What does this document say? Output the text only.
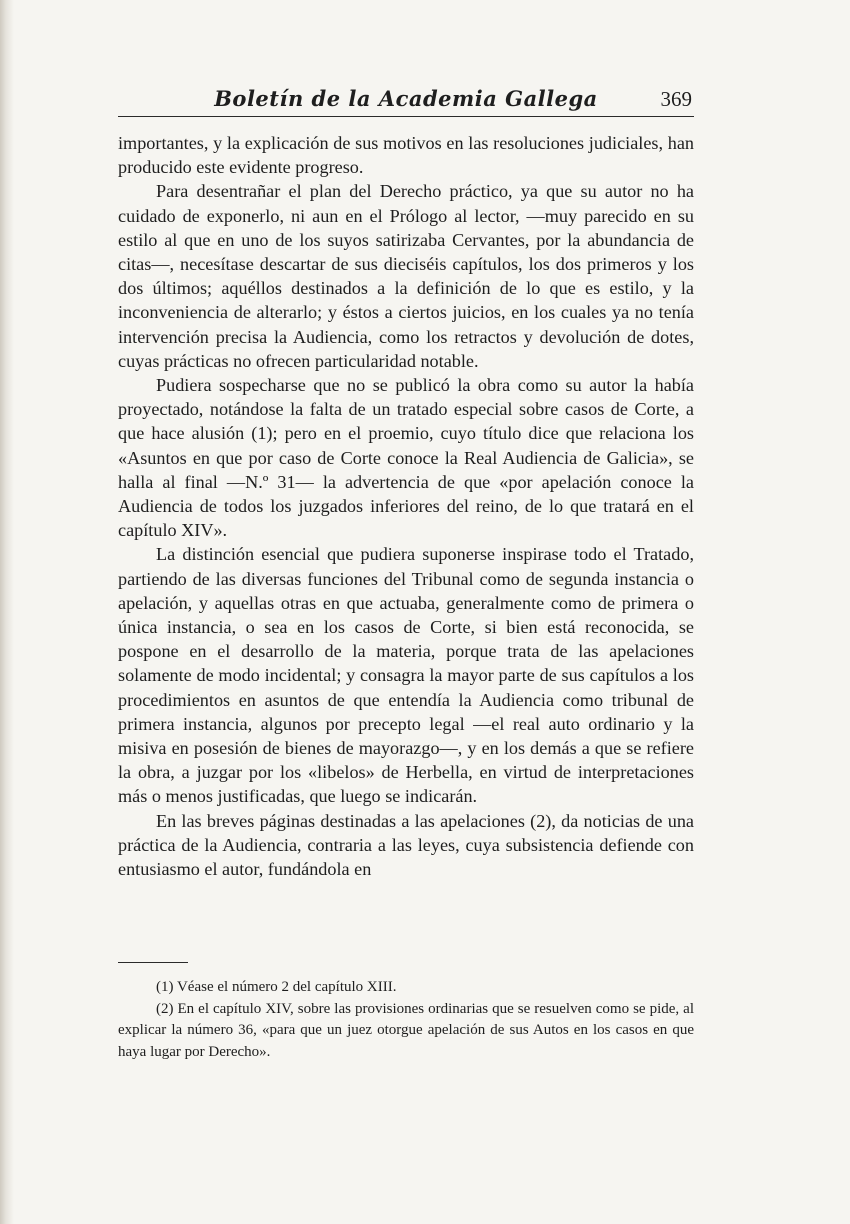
Boletín de la Academia Gallega	369

importantes, y la explicación de sus motivos en las resoluciones judiciales, han producido este evidente progreso.

Para desentrañar el plan del Derecho práctico, ya que su autor no ha cuidado de exponerlo, ni aun en el Prólogo al lector, —muy parecido en su estilo al que en uno de los suyos satirizaba Cervantes, por la abundancia de citas—, necesítase descartar de sus dieciséis capítulos, los dos primeros y los dos últimos; aquéllos destinados a la definición de lo que es estilo, y la inconveniencia de alterarlo; y éstos a ciertos juicios, en los cuales ya no tenía intervención precisa la Audiencia, como los retractos y devolución de dotes, cuyas prácticas no ofrecen particularidad notable.

Pudiera sospecharse que no se publicó la obra como su autor la había proyectado, notándose la falta de un tratado especial sobre casos de Corte, a que hace alusión (1); pero en el proemio, cuyo título dice que relaciona los «Asuntos en que por caso de Corte conoce la Real Audiencia de Galicia», se halla al final —N.º 31— la advertencia de que «por apelación conoce la Audiencia de todos los juzgados inferiores del reino, de lo que tratará en el capítulo XIV».

La distinción esencial que pudiera suponerse inspirase todo el Tratado, partiendo de las diversas funciones del Tribunal como de segunda instancia o apelación, y aquellas otras en que actuaba, generalmente como de primera o única instancia, o sea en los casos de Corte, si bien está reconocida, se pospone en el desarrollo de la materia, porque trata de las apelaciones solamente de modo incidental; y consagra la mayor parte de sus capítulos a los procedimientos en asuntos de que entendía la Audiencia como tribunal de primera instancia, algunos por precepto legal —el real auto ordinario y la misiva en posesión de bienes de mayorazgo—, y en los demás a que se refiere la obra, a juzgar por los «libelos» de Herbella, en virtud de interpretaciones más o menos justificadas, que luego se indicarán.

En las breves páginas destinadas a las apelaciones (2), da noticias de una práctica de la Audiencia, contraria a las leyes, cuya subsistencia defiende con entusiasmo el autor, fundándola en

(1) Véase el número 2 del capítulo XIII.

(2) En el capítulo XIV, sobre las provisiones ordinarias que se resuelven como se pide, al explicar la número 36, «para que un juez otorgue apelación de sus Autos en los casos en que haya lugar por Derecho».
